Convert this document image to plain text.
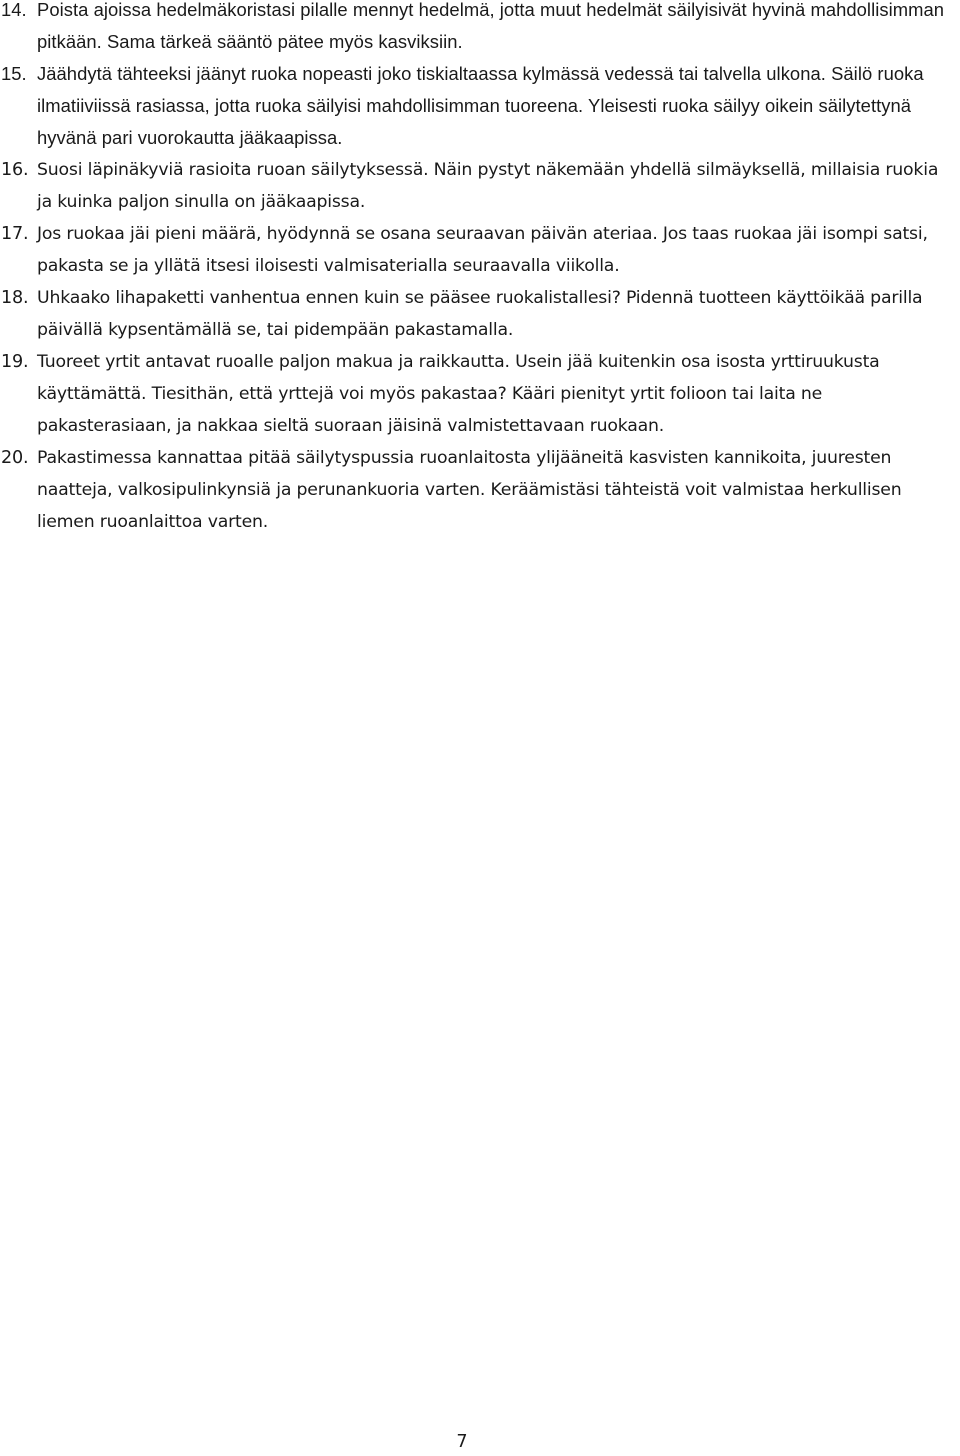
14. Poista ajoissa hedelmäkoristasi pilalle mennyt hedelmä, jotta muut hedelmät säilyisivät hyvinä mahdollisimman pitkään. Sama tärkeä sääntö pätee myös kasviksiin.
15. Jäähdytä tähteeksi jäänyt ruoka nopeasti joko tiskialtaassa kylmässä vedessä tai talvella ulkona. Säilö ruoka ilmatiiviissä rasiassa, jotta ruoka säilyisi mahdollisimman tuoreena. Yleisesti ruoka säilyy oikein säilytettynä hyvänä pari vuorokautta jääkaapissa.
16. Suosi läpinäkyviä rasioita ruoan säilytyksessä. Näin pystyt näkemään yhdellä silmäyksellä, millaisia ruokia ja kuinka paljon sinulla on jääkaapissa.
17. Jos ruokaa jäi pieni määrä, hyödynnä se osana seuraavan päivän ateriaa. Jos taas ruokaa jäi isompi satsi, pakasta se ja yllätä itsesi iloisesti valmisaterialla seuraavalla viikolla.
18. Uhkaako lihapaketti vanhentua ennen kuin se pääsee ruokalistallesi? Pidennä tuotteen käyttöikää parilla päivällä kypsentämällä se, tai pidempään pakastamalla.
19. Tuoreet yrtit antavat ruoalle paljon makua ja raikkautta. Usein jää kuitenkin osa isosta yrttiruukusta käyttämättä. Tiesithän, että yrttejä voi myös pakastaa? Kääri pienityt yrtit folioon tai laita ne pakasterasiaan, ja nakkaa sieltä suoraan jäisinä valmistettavaan ruokaan.
20. Pakastimessa kannattaa pitää säilytyspussia ruoanlaitosta ylijääneitä kasvisten kannikoita, juuresten naatteja, valkosipulinkynsiä ja perunankuoria varten. Keräämistäsi tähteistä voit valmistaa herkullisen liemen ruoanlaittoa varten.
7
